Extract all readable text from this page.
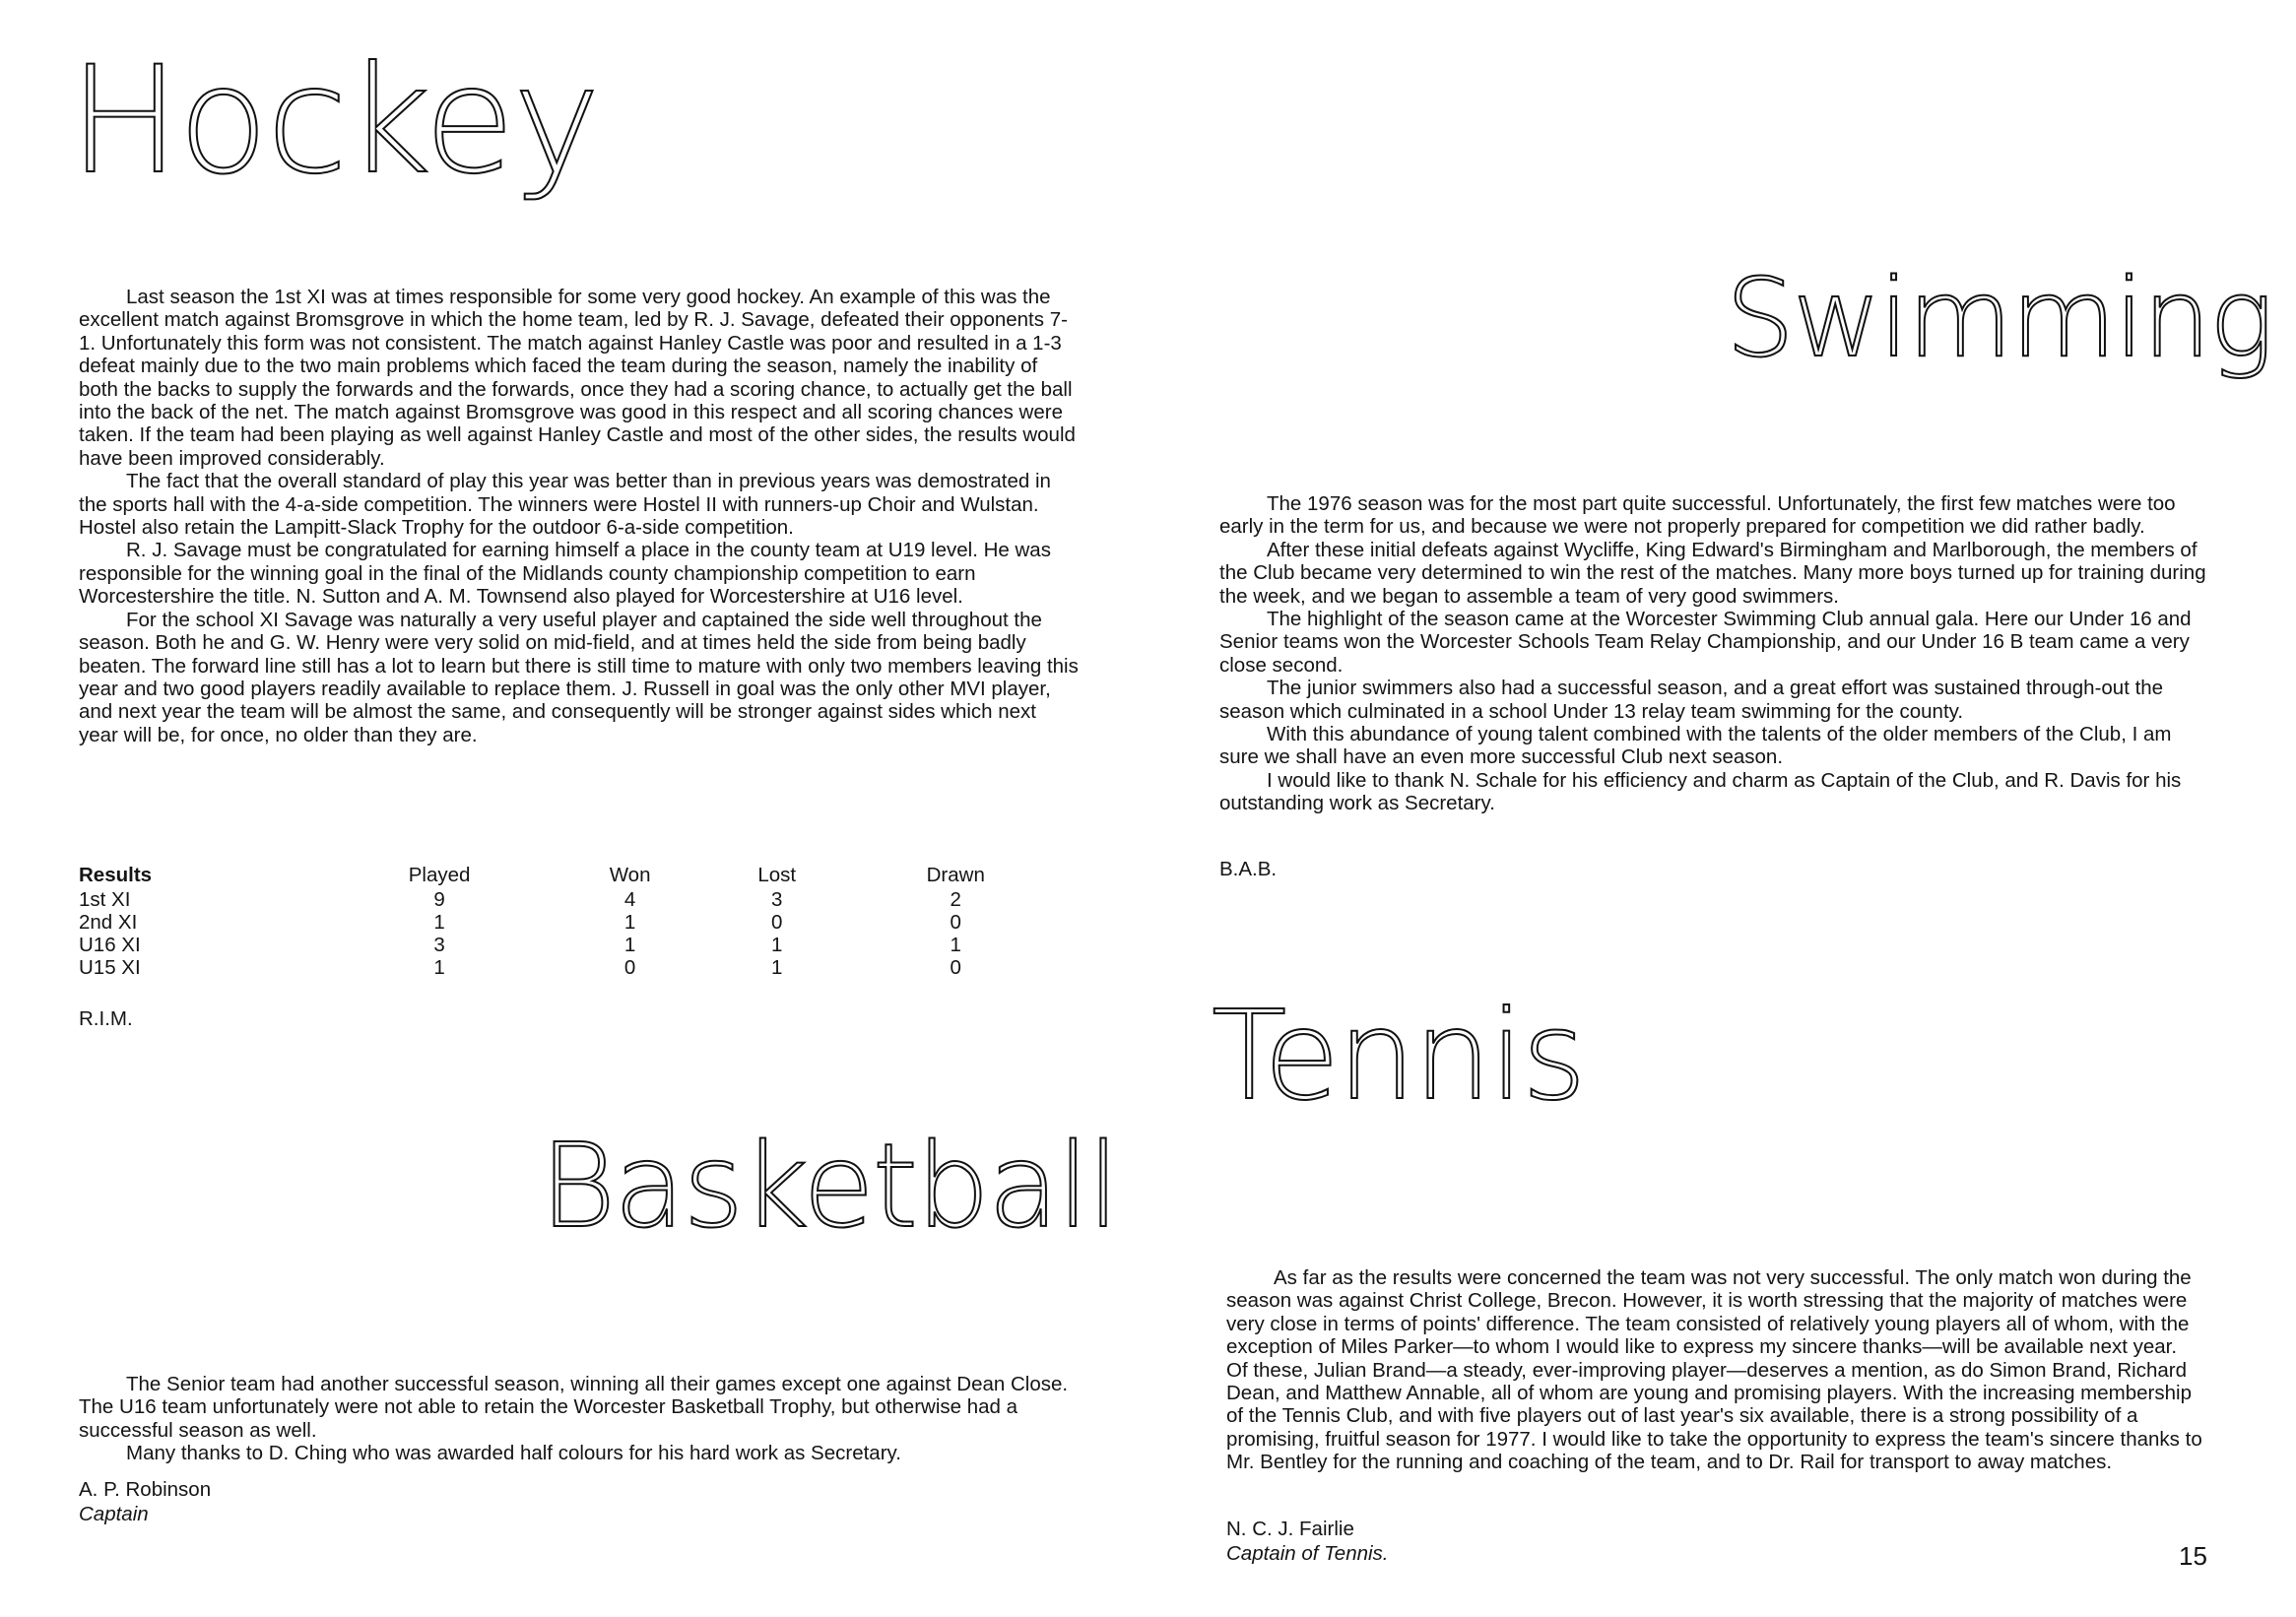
Hockey

Last season the 1st XI was at times responsible for some very good hockey. An example of this was the excellent match against Bromsgrove in which the home team, led by R. J. Savage, defeated their opponents 7-1. Unfortunately this form was not consistent. The match against Hanley Castle was poor and resulted in a 1-3 defeat mainly due to the two main problems which faced the team during the season, namely the inability of both the backs to supply the forwards and the forwards, once they had a scoring chance, to actually get the ball into the back of the net. The match against Bromsgrove was good in this respect and all scoring chances were taken. If the team had been playing as well against Hanley Castle and most of the other sides, the results would have been improved considerably.

The fact that the overall standard of play this year was better than in previous years was demostrated in the sports hall with the 4-a-side competition. The winners were Hostel II with runners-up Choir and Wulstan. Hostel also retain the Lampitt-Slack Trophy for the outdoor 6-a-side competition.

R. J. Savage must be congratulated for earning himself a place in the county team at U19 level. He was responsible for the winning goal in the final of the Midlands county championship competition to earn Worcestershire the title. N. Sutton and A. M. Townsend also played for Worcestershire at U16 level.

For the school XI Savage was naturally a very useful player and captained the side well throughout the season. Both he and G. W. Henry were very solid on mid-field, and at times held the side from being badly beaten. The forward line still has a lot to learn but there is still time to mature with only two members leaving this year and two good players readily available to replace them. J. Russell in goal was the only other MVI player, and next year the team will be almost the same, and consequently will be stronger against sides which next year will be, for once, no older than they are.

Results	Played	Won	Lost	Drawn
1st XI	9	4	3	2
2nd XI	1	1	0	0
U16 XI	3	1	1	1
U15 XI	1	0	1	0
R.I.M.
Basketball

The Senior team had another successful season, winning all their games except one against Dean Close. The U16 team unfortunately were not able to retain the Worcester Basketball Trophy, but otherwise had a successful season as well.

Many thanks to D. Ching who was awarded half colours for his hard work as Secretary.

A. P. Robinson
Captain
Swimming

The 1976 season was for the most part quite successful. Unfortunately, the first few matches were too early in the term for us, and because we were not properly prepared for competition we did rather badly.

After these initial defeats against Wycliffe, King Edward's Birmingham and Marlborough, the members of the Club became very determined to win the rest of the matches. Many more boys turned up for training during the week, and we began to assemble a team of very good swimmers.

The highlight of the season came at the Worcester Swimming Club annual gala. Here our Under 16 and Senior teams won the Worcester Schools Team Relay Championship, and our Under 16 B team came a very close second.

The junior swimmers also had a successful season, and a great effort was sustained through-out the season which culminated in a school Under 13 relay team swimming for the county.

With this abundance of young talent combined with the talents of the older members of the Club, I am sure we shall have an even more successful Club next season.

I would like to thank N. Schale for his efficiency and charm as Captain of the Club, and R. Davis for his outstanding work as Secretary.

B.A.B.
Tennis

As far as the results were concerned the team was not very successful. The only match won during the season was against Christ College, Brecon. However, it is worth stressing that the majority of matches were very close in terms of points' difference. The team consisted of relatively young players all of whom, with the exception of Miles Parker—to whom I would like to express my sincere thanks—will be available next year. Of these, Julian Brand—a steady, ever-improving player—deserves a mention, as do Simon Brand, Richard Dean, and Matthew Annable, all of whom are young and promising players. With the increasing membership of the Tennis Club, and with five players out of last year's six available, there is a strong possibility of a promising, fruitful season for 1977. I would like to take the opportunity to express the team's sincere thanks to Mr. Bentley for the running and coaching of the team, and to Dr. Rail for transport to away matches.

N. C. J. Fairlie
Captain of Tennis.	15
